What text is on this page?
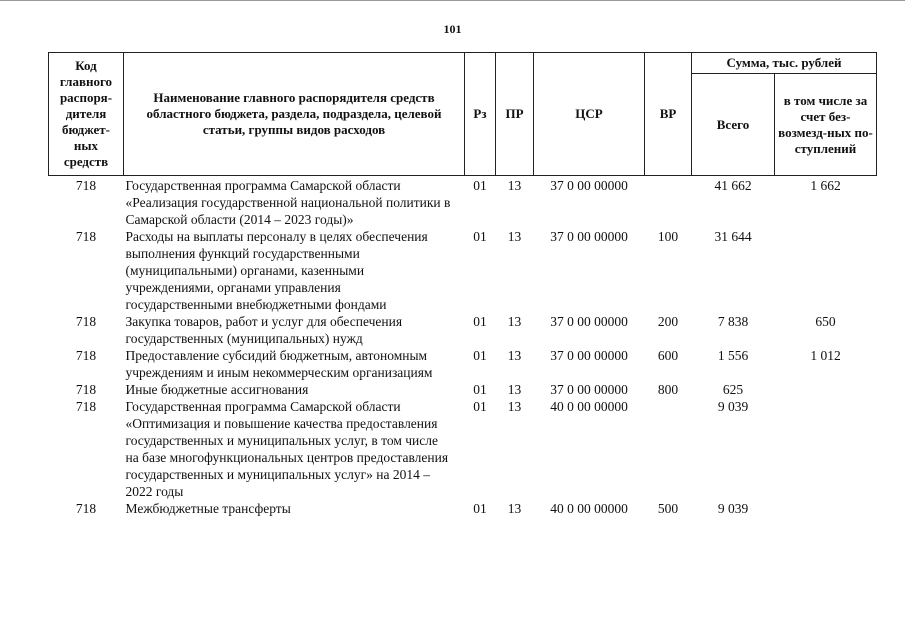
101
Код главного распоря-дителя бюджет-ных средств	Наименование главного распорядителя средств областного бюджета, раздела, подраздела, целевой статьи, группы видов расходов	Рз	ПР	ЦСР	ВР	Сумма, тыс. рублей	
						Всего	в том числе за счет без-возмезд-ных по-ступлений
718	Государственная программа Самарской области «Реализация государственной национальной политики в Самарской области (2014 – 2023 годы)»	01	13	37 0 00 00000		41 662	1 662
718	Расходы на выплаты персоналу в целях обеспечения выполнения функций государственными (муниципальными) органами, казенными учреждениями, органами управления государственными внебюджетными фондами	01	13	37 0 00 00000	100	31 644	
718	Закупка товаров, работ и услуг для обеспечения государственных (муниципальных) нужд	01	13	37 0 00 00000	200	7 838	650
718	Предоставление субсидий бюджетным, автономным учреждениям и иным некоммерческим организациям	01	13	37 0 00 00000	600	1 556	1 012
718	Иные бюджетные ассигнования	01	13	37 0 00 00000	800	625	
718	Государственная программа Самарской области «Оптимизация и повышение качества предоставления государственных и муниципальных услуг, в том числе на базе многофункциональных центров предоставления государственных и муниципальных услуг» на 2014 – 2022 годы	01	13	40 0 00 00000		9 039	
718	Межбюджетные трансферты	01	13	40 0 00 00000	500	9 039	
